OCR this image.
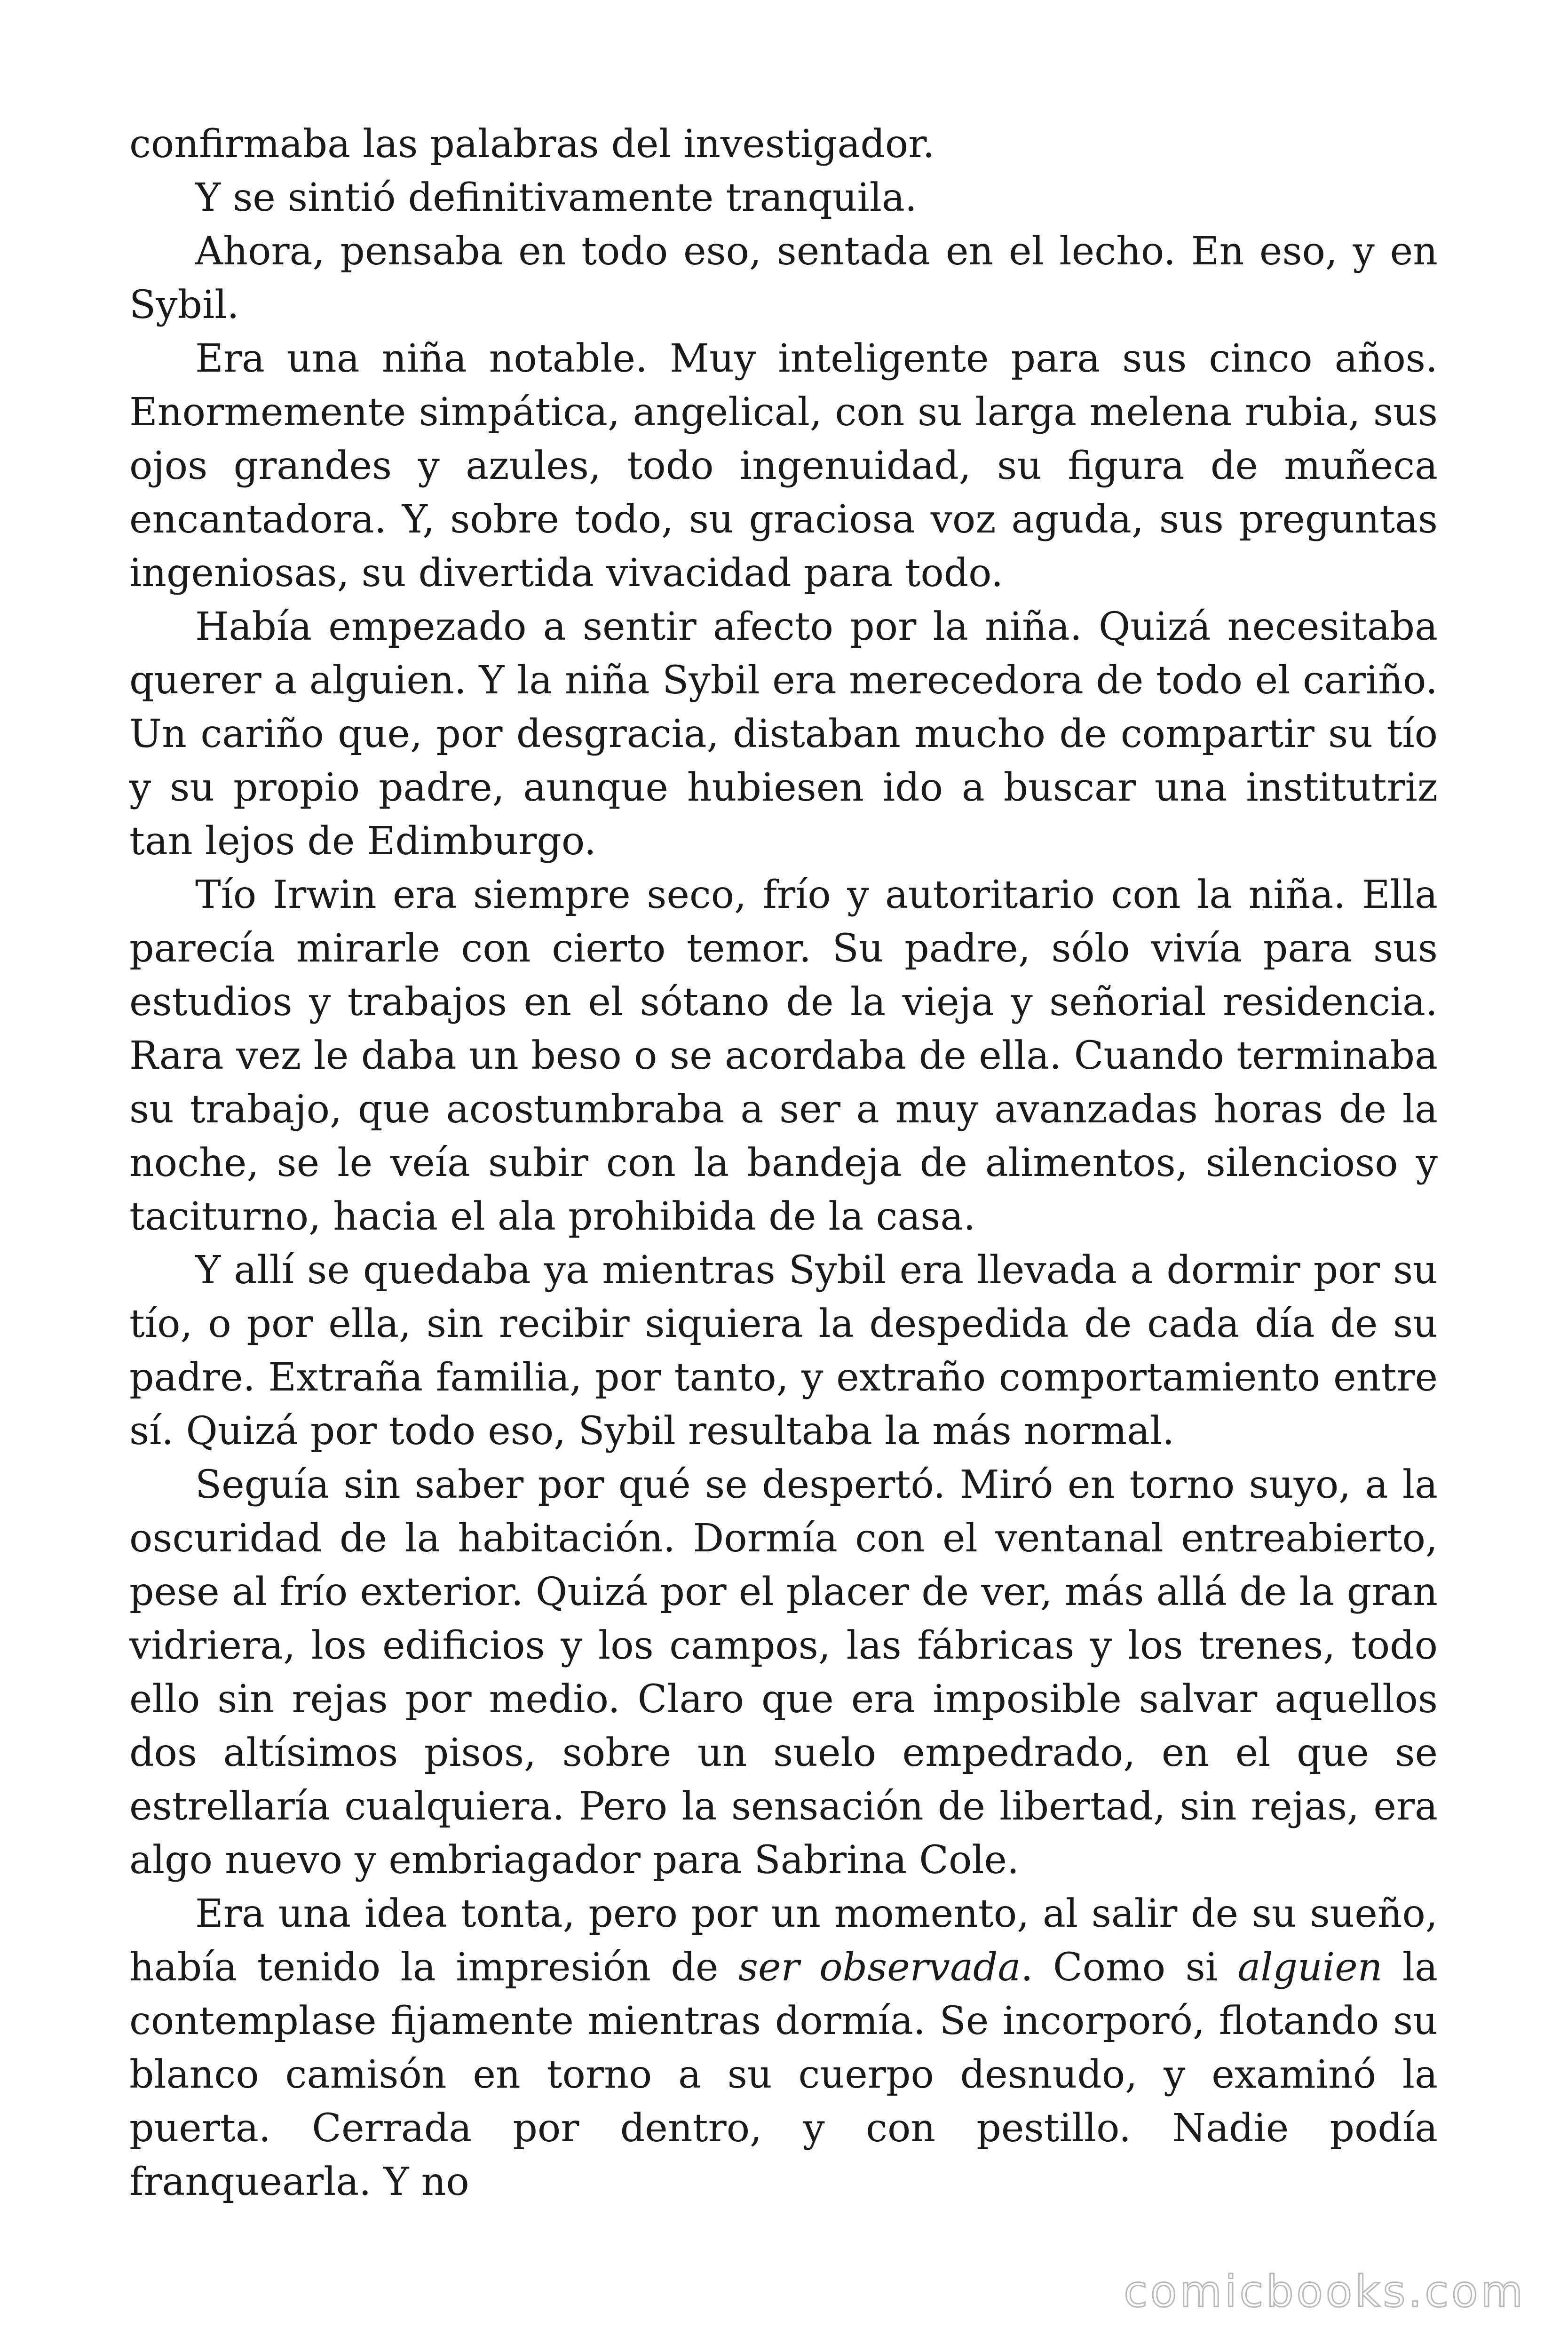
confirmaba las palabras del investigador.

Y se sintió definitivamente tranquila.

Ahora, pensaba en todo eso, sentada en el lecho. En eso, y en Sybil.

Era una niña notable. Muy inteligente para sus cinco años. Enormemente simpática, angelical, con su larga melena rubia, sus ojos grandes y azules, todo ingenuidad, su figura de muñeca encantadora. Y, sobre todo, su graciosa voz aguda, sus preguntas ingeniosas, su divertida vivacidad para todo.

Había empezado a sentir afecto por la niña. Quizá necesitaba querer a alguien. Y la niña Sybil era merecedora de todo el cariño. Un cariño que, por desgracia, distaban mucho de compartir su tío y su propio padre, aunque hubiesen ido a buscar una institutriz tan lejos de Edimburgo.

Tío Irwin era siempre seco, frío y autoritario con la niña. Ella parecía mirarle con cierto temor. Su padre, sólo vivía para sus estudios y trabajos en el sótano de la vieja y señorial residencia. Rara vez le daba un beso o se acordaba de ella. Cuando terminaba su trabajo, que acostumbraba a ser a muy avanzadas horas de la noche, se le veía subir con la bandeja de alimentos, silencioso y taciturno, hacia el ala prohibida de la casa.

Y allí se quedaba ya mientras Sybil era llevada a dormir por su tío, o por ella, sin recibir siquiera la despedida de cada día de su padre. Extraña familia, por tanto, y extraño comportamiento entre sí. Quizá por todo eso, Sybil resultaba la más normal.

Seguía sin saber por qué se despertó. Miró en torno suyo, a la oscuridad de la habitación. Dormía con el ventanal entreabierto, pese al frío exterior. Quizá por el placer de ver, más allá de la gran vidriera, los edificios y los campos, las fábricas y los trenes, todo ello sin rejas por medio. Claro que era imposible salvar aquellos dos altísimos pisos, sobre un suelo empedrado, en el que se estrellaría cualquiera. Pero la sensación de libertad, sin rejas, era algo nuevo y embriagador para Sabrina Cole.

Era una idea tonta, pero por un momento, al salir de su sueño, había tenido la impresión de ser observada. Como si alguien la contemplase fijamente mientras dormía. Se incorporó, flotando su blanco camisón en torno a su cuerpo desnudo, y examinó la puerta. Cerrada por dentro, y con pestillo. Nadie podía franquearla. Y no

comicbooks.com
